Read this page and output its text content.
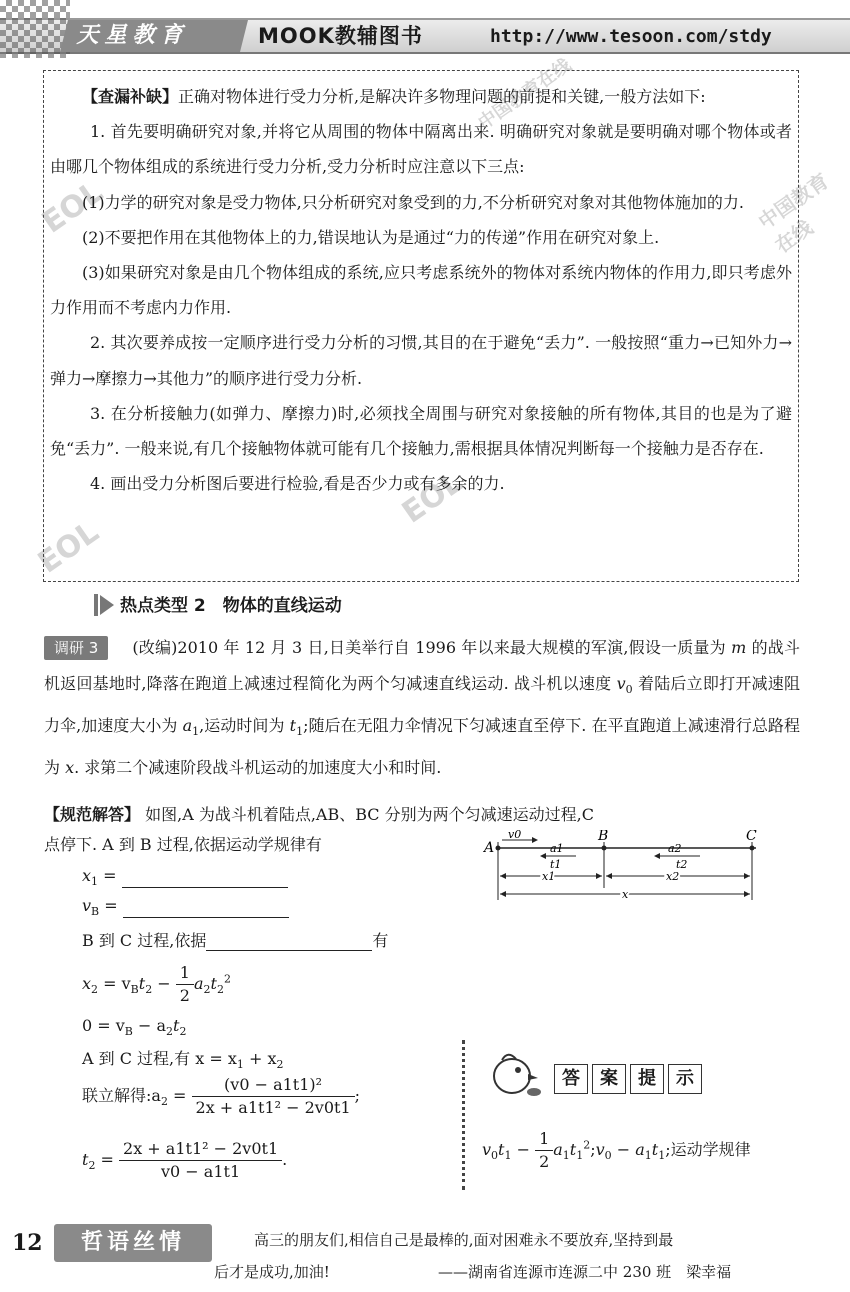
EOL
EOL
EOL
中国教育在线
中国教育在线
天星教育	MOOK教辅图书	http://www.tesoon.com/stdy

【查漏补缺】正确对物体进行受力分析,是解决许多物理问题的前提和关键,一般方法如下:

1. 首先要明确研究对象,并将它从周围的物体中隔离出来. 明确研究对象就是要明确对哪个物体或者由哪几个物体组成的系统进行受力分析,受力分析时应注意以下三点:

(1)力学的研究对象是受力物体,只分析研究对象受到的力,不分析研究对象对其他物体施加的力.

(2)不要把作用在其他物体上的力,错误地认为是通过“力的传递”作用在研究对象上.

(3)如果研究对象是由几个物体组成的系统,应只考虑系统外的物体对系统内物体的作用力,即只考虑外力作用而不考虑内力作用.

2. 其次要养成按一定顺序进行受力分析的习惯,其目的在于避免“丢力”. 一般按照“重力→已知外力→弹力→摩擦力→其他力”的顺序进行受力分析.

3. 在分析接触力(如弹力、摩擦力)时,必须找全周围与研究对象接触的所有物体,其目的也是为了避免“丢力”. 一般来说,有几个接触物体就可能有几个接触力,需根据具体情况判断每一个接触力是否存在.

4. 画出受力分析图后要进行检验,看是否少力或有多余的力.

热点类型 2　物体的直线运动
调研 3 (改编)2010 年 12 月 3 日,日美举行自 1996 年以来最大规模的军演,假设一质量为 m 的战斗机返回基地时,降落在跑道上减速过程简化为两个匀减速直线运动. 战斗机以速度 $v_0$ 着陆后立即打开减速阻力伞,加速度大小为 $a_1$,运动时间为 $t_1$;随后在无阻力伞情况下匀减速直至停下. 在平直跑道上减速滑行总路程为 x. 求第二个减速阶段战斗机运动的加速度大小和时间.
【规范解答】 如图,A 为战斗机着陆点,AB、BC 分别为两个匀减速运动过程,C
点停下. A 到 B 过程,依据运动学规律有	A
B	C
v0
a1	a2
t1	t2
x1	x2
x
$x_1$ =
$v_B$ =
B 到 C 过程,依据	有
$x_2 = v_Bt_2 - \frac{1}{2} a_2t_2^2$
$0 = v_B - a_2t_2$
A 到 C 过程,有 $x = x_1 + x_2$
联立解得$:a_2 = \frac{\text{(v0 − a1t1)²}}{\text{2x + a1t1² − 2v0t1}}$ ;
$t_2 = \frac{\text{2x + a1t1² − 2v0t1}}{v0 - a1t1}$ .
答 案 提 示
$v_0t_1 - \frac{1}{2}$ $a_1t_1^2;v_0 - a_1t_1$;运动学规律
12	哲语丝情	高三的朋友们,相信自己是最棒的,面对困难永不要放弃,坚持到最
后才是成功,加油!	——湖南省连源市连源二中 230 班　梁幸福
